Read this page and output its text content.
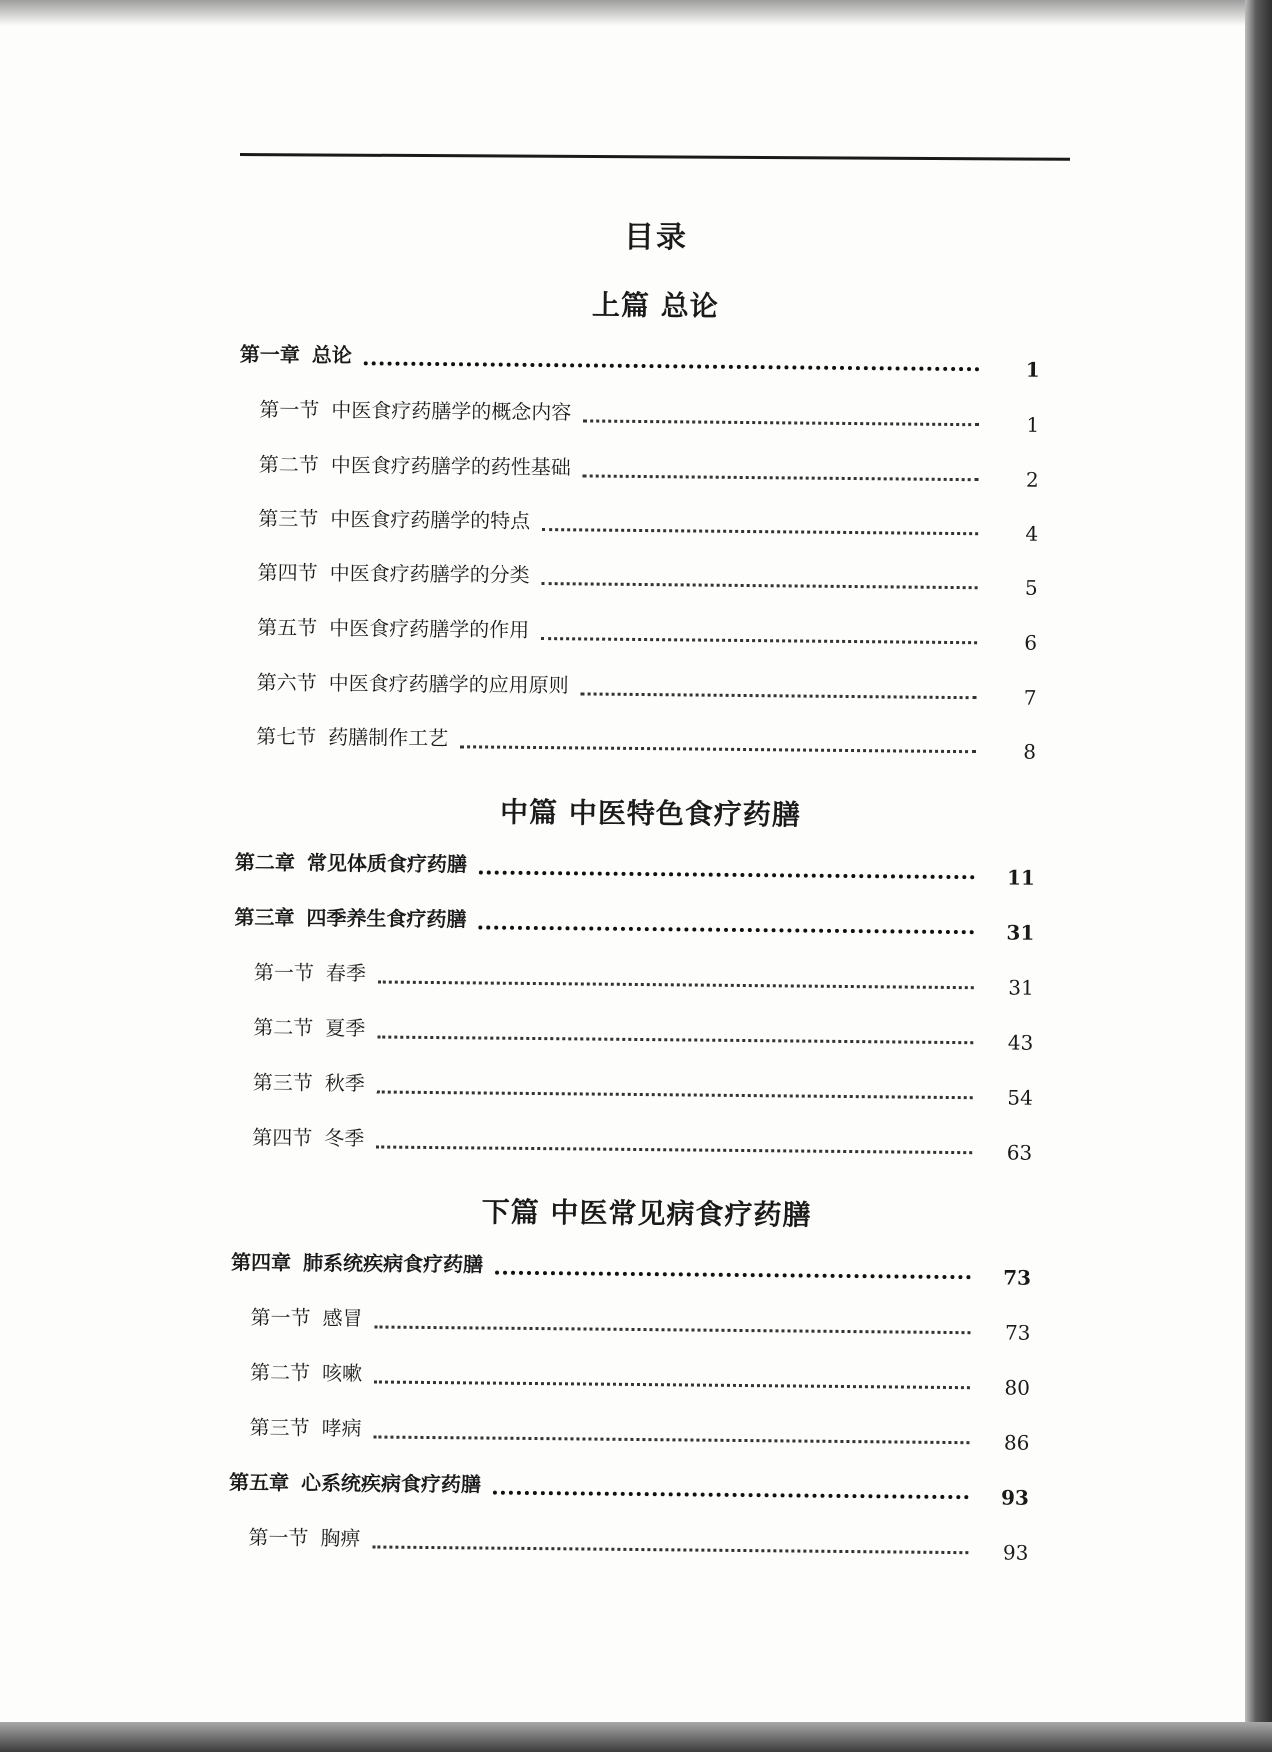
目录
上篇 总论
第一章 总论
1
第一节 中医食疗药膳学的概念内容
1
第二节 中医食疗药膳学的药性基础
2
第三节 中医食疗药膳学的特点
4
第四节 中医食疗药膳学的分类
5
第五节 中医食疗药膳学的作用
6
第六节 中医食疗药膳学的应用原则
7
第七节 药膳制作工艺
8
中篇 中医特色食疗药膳
第二章 常见体质食疗药膳
11
第三章 四季养生食疗药膳
31
第一节 春季
31
第二节 夏季
43
第三节 秋季
54
第四节 冬季
63
下篇 中医常见病食疗药膳
第四章 肺系统疾病食疗药膳
73
第一节 感冒
73
第二节 咳嗽
80
第三节 哮病
86
第五章 心系统疾病食疗药膳
93
第一节 胸痹
93
